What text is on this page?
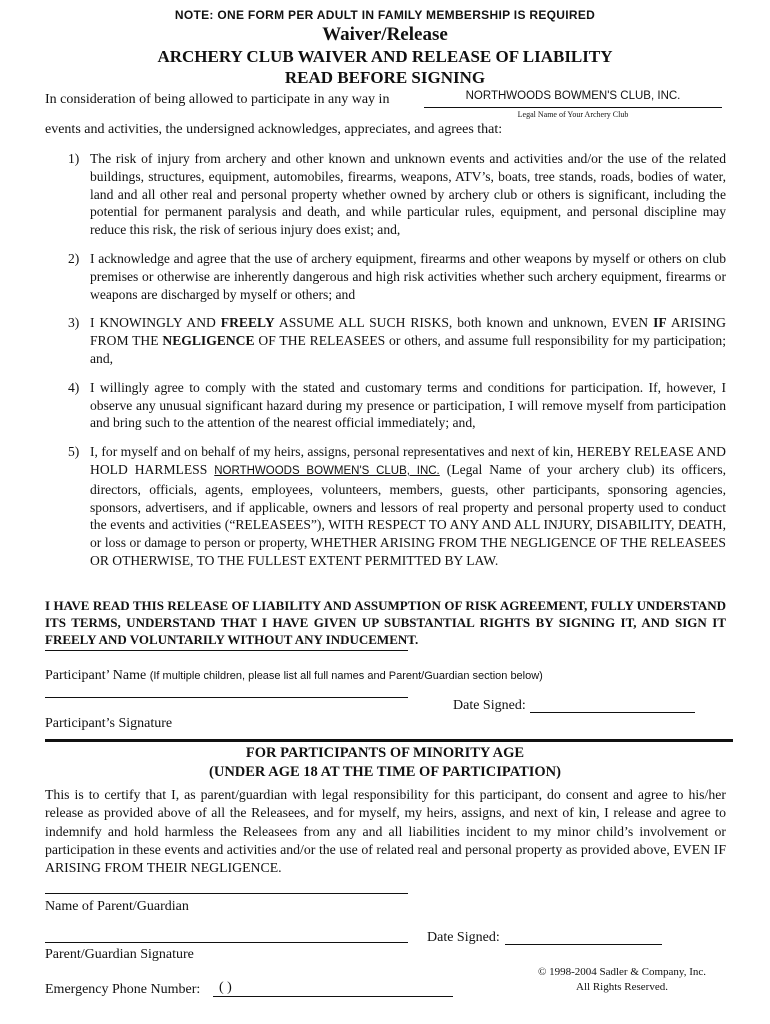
NOTE: ONE FORM PER ADULT IN FAMILY MEMBERSHIP IS REQUIRED
Waiver/Release
ARCHERY CLUB WAIVER AND RELEASE OF LIABILITY
READ BEFORE SIGNING
In consideration of being allowed to participate in any way in	NORTHWOODS BOWMEN'S CLUB, INC.
Legal Name of Your Archery Club
events and activities, the undersigned acknowledges, appreciates, and agrees that:
1) The risk of injury from archery and other known and unknown events and activities and/or the use of the related buildings, structures, equipment, automobiles, firearms, weapons, ATV’s, boats, tree stands, roads, bodies of water, land and all other real and personal property whether owned by archery club or others is significant, including the potential for permanent paralysis and death, and while particular rules, equipment, and personal discipline may reduce this risk, the risk of serious injury does exist; and,
2) I acknowledge and agree that the use of archery equipment, firearms and other weapons by myself or others on club premises or otherwise are inherently dangerous and high risk activities whether such archery equipment, firearms or weapons are discharged by myself or others; and
3) I KNOWINGLY AND FREELY ASSUME ALL SUCH RISKS, both known and unknown, EVEN IF ARISING FROM THE NEGLIGENCE OF THE RELEASEES or others, and assume full responsibility for my participation; and,
4) I willingly agree to comply with the stated and customary terms and conditions for participation. If, however, I observe any unusual significant hazard during my presence or participation, I will remove myself from participation and bring such to the attention of the nearest official immediately; and,
5) I, for myself and on behalf of my heirs, assigns, personal representatives and next of kin, HEREBY RELEASE AND HOLD HARMLESS NORTHWOODS BOWMEN'S CLUB, INC. (Legal Name of your archery club) its officers, directors, officials, agents, employees, volunteers, members, guests, other participants, sponsoring agencies, sponsors, advertisers, and if applicable, owners and lessors of real property and personal property used to conduct the events and activities (“RELEASEES”), WITH RESPECT TO ANY AND ALL INJURY, DISABILITY, DEATH, or loss or damage to person or property, WHETHER ARISING FROM THE NEGLIGENCE OF THE RELEASEES OR OTHERWISE, TO THE FULLEST EXTENT PERMITTED BY LAW.
I HAVE READ THIS RELEASE OF LIABILITY AND ASSUMPTION OF RISK AGREEMENT, FULLY UNDERSTAND ITS TERMS, UNDERSTAND THAT I HAVE GIVEN UP SUBSTANTIAL RIGHTS BY SIGNING IT, AND SIGN IT FREELY AND VOLUNTARILY WITHOUT ANY INDUCEMENT.
Participant’ Name (If multiple children, please list all full names and Parent/Guardian section below)
Participant’s Signature
Date Signed:
FOR PARTICIPANTS OF MINORITY AGE
(UNDER AGE 18 AT THE TIME OF PARTICIPATION)
This is to certify that I, as parent/guardian with legal responsibility for this participant, do consent and agree to his/her release as provided above of all the Releasees, and for myself, my heirs, assigns, and next of kin, I release and agree to indemnify and hold harmless the Releasees from any and all liabilities incident to my minor child’s involvement or participation in these events and activities and/or the use of related real and personal property as provided above, EVEN IF ARISING FROM THEIR NEGLIGENCE.
Name of Parent/Guardian
Parent/Guardian Signature
Date Signed:
Emergency Phone Number:	( )
© 1998-2004 Sadler & Company, Inc.
All Rights Reserved.
